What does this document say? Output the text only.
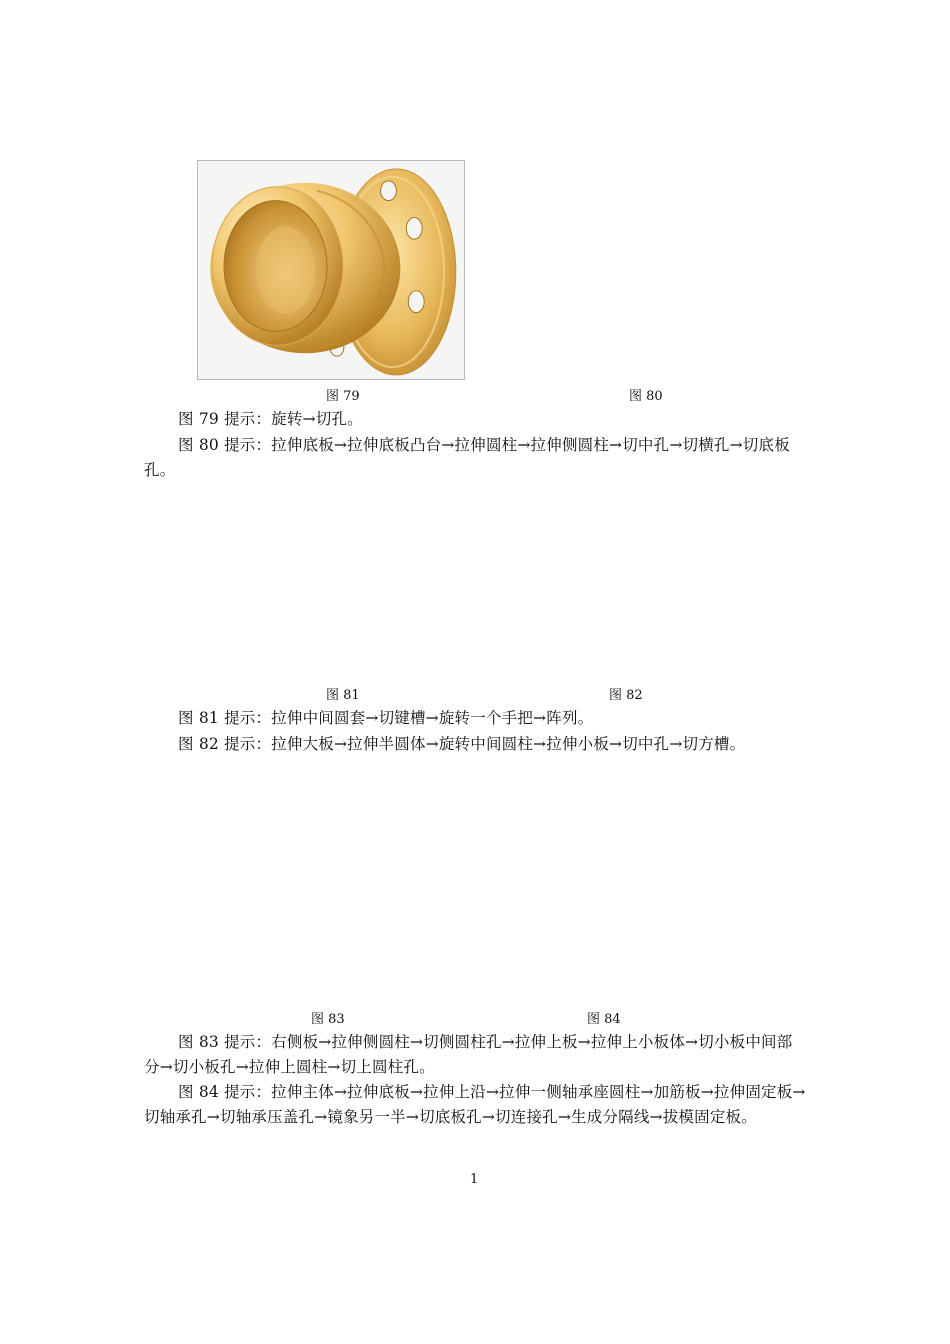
图 79	图 80

图 79 提示：旋转→切孔。

图 80 提示：拉伸底板→拉伸底板凸台→拉伸圆柱→拉伸侧圆柱→切中孔→切横孔→切底板孔。

图 81	图 82

图 81 提示：拉伸中间圆套→切键槽→旋转一个手把→阵列。

图 82 提示：拉伸大板→拉伸半圆体→旋转中间圆柱→拉伸小板→切中孔→切方槽。

图 83	图 84

图 83 提示：右侧板→拉伸侧圆柱→切侧圆柱孔→拉伸上板→拉伸上小板体→切小板中间部分→切小板孔→拉伸上圆柱→切上圆柱孔。

图 84 提示：拉伸主体→拉伸底板→拉伸上沿→拉伸一侧轴承座圆柱→加筋板→拉伸固定板→切轴承孔→切轴承压盖孔→镜象另一半→切底板孔→切连接孔→生成分隔线→拔模固定板。

1
